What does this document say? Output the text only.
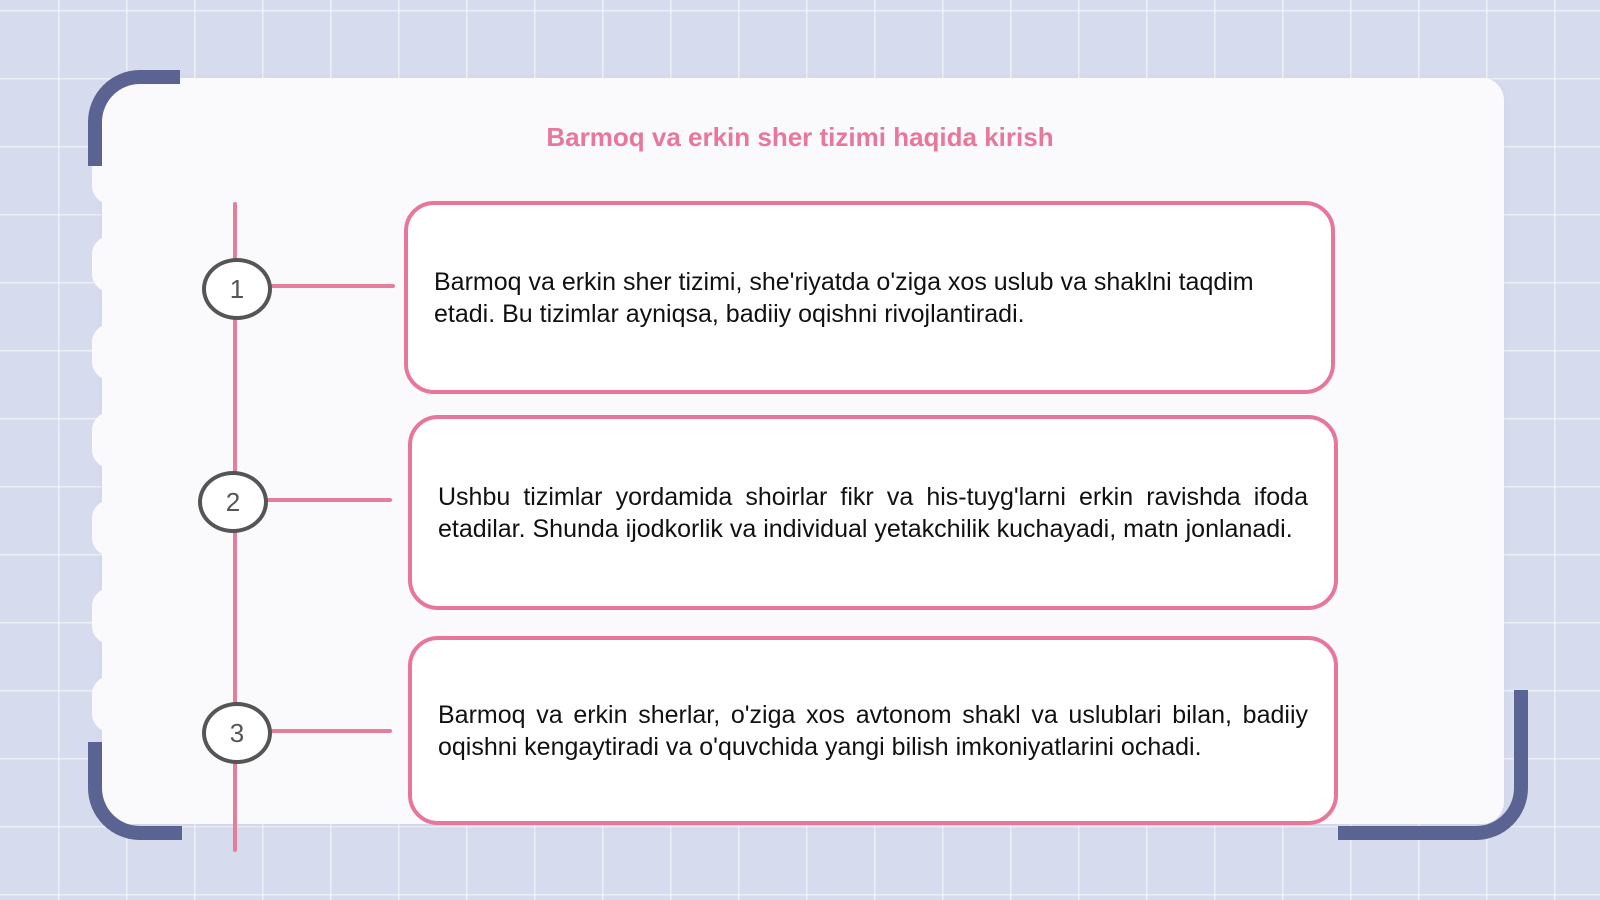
Barmoq va erkin sher tizimi haqida kirish
1	Barmoq va erkin sher tizimi, she'riyatda o'ziga xos uslub va shaklni taqdim etadi. Bu tizimlar ayniqsa, badiiy oqishni rivojlantiradi.

2	Ushbu tizimlar yordamida shoirlar fikr va his-tuyg'larni erkin ravishda ifoda etadilar. Shunda ijodkorlik va individual yetakchilik kuchayadi, matn jonlanadi.

3

Barmoq va erkin sherlar, o'ziga xos avtonom shakl va uslublari bilan, badiiy oqishni kengaytiradi va o'quvchida yangi bilish imkoniyatlarini ochadi.
